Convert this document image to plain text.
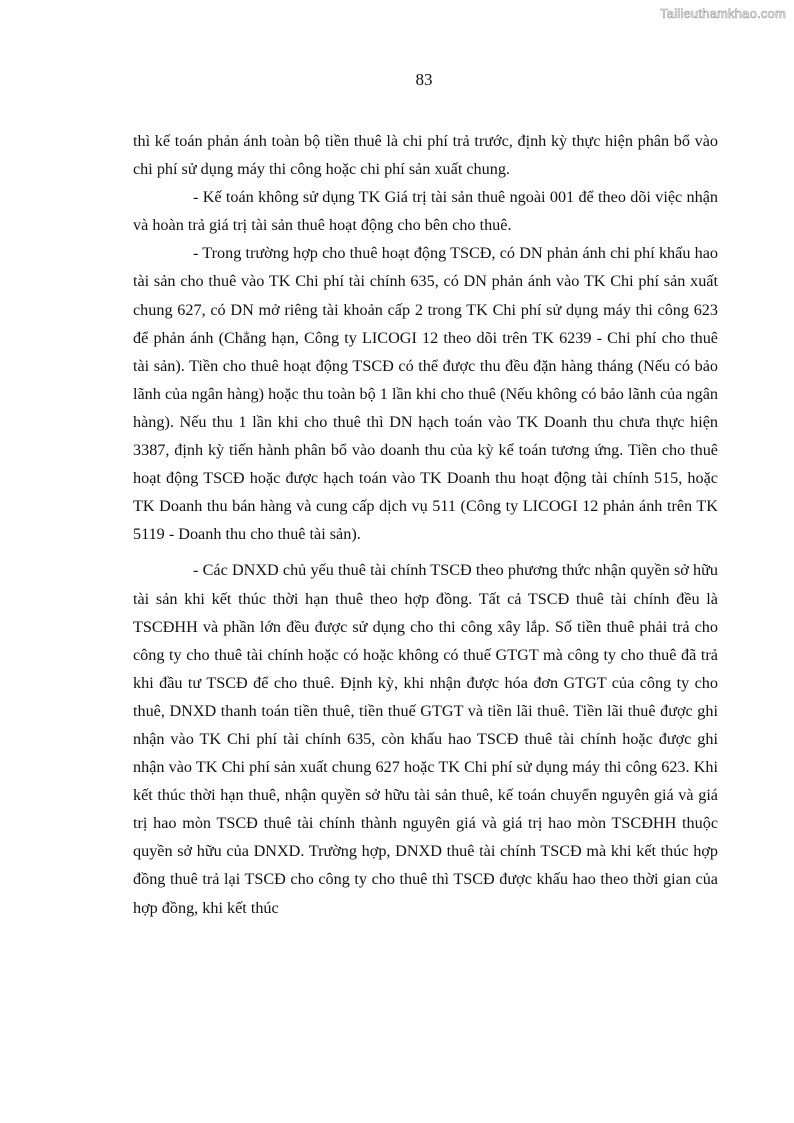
Tailieuthamkhao.com
83

thì kế toán phản ánh toàn bộ tiền thuê là chi phí trả trước, định kỳ thực hiện phân bổ vào chi phí sử dụng máy thi công hoặc chi phí sản xuất chung.

- Kế toán không sử dụng TK Giá trị tài sản thuê ngoài 001 để theo dõi việc nhận và hoàn trả giá trị tài sản thuê hoạt động cho bên cho thuê.

- Trong trường hợp cho thuê hoạt động TSCĐ, có DN phản ánh chi phí khấu hao tài sản cho thuê vào TK Chi phí tài chính 635, có DN phản ánh vào TK Chi phí sản xuất chung 627, có DN mở riêng tài khoản cấp 2 trong TK Chi phí sử dụng máy thi công 623 để phản ánh (Chẳng hạn, Công ty LICOGI 12 theo dõi trên TK 6239 - Chi phí cho thuê tài sản). Tiền cho thuê hoạt động TSCĐ có thể được thu đều đặn hàng tháng (Nếu có bảo lãnh của ngân hàng) hoặc thu toàn bộ 1 lần khi cho thuê (Nếu không có bảo lãnh của ngân hàng). Nếu thu 1 lần khi cho thuê thì DN hạch toán vào TK Doanh thu chưa thực hiện 3387, định kỳ tiến hành phân bổ vào doanh thu của kỳ kế toán tương ứng. Tiền cho thuê hoạt động TSCĐ hoặc được hạch toán vào TK Doanh thu hoạt động tài chính 515, hoặc TK Doanh thu bán hàng và cung cấp dịch vụ 511 (Công ty LICOGI 12 phản ánh trên TK 5119 - Doanh thu cho thuê tài sản).

- Các DNXD chủ yếu thuê tài chính TSCĐ theo phương thức nhận quyền sở hữu tài sản khi kết thúc thời hạn thuê theo hợp đồng. Tất cả TSCĐ thuê tài chính đều là TSCĐHH và phần lớn đều được sử dụng cho thi công xây lắp. Số tiền thuê phải trả cho công ty cho thuê tài chính hoặc có hoặc không có thuế GTGT mà công ty cho thuê đã trả khi đầu tư TSCĐ để cho thuê. Định kỳ, khi nhận được hóa đơn GTGT của công ty cho thuê, DNXD thanh toán tiền thuê, tiền thuế GTGT và tiền lãi thuê. Tiền lãi thuê được ghi nhận vào TK Chi phí tài chính 635, còn khấu hao TSCĐ thuê tài chính hoặc được ghi nhận vào TK Chi phí sản xuất chung 627 hoặc TK Chi phí sử dụng máy thi công 623. Khi kết thúc thời hạn thuê, nhận quyền sở hữu tài sản thuê, kế toán chuyển nguyên giá và giá trị hao mòn TSCĐ thuê tài chính thành nguyên giá và giá trị hao mòn TSCĐHH thuộc quyền sở hữu của DNXD. Trường hợp, DNXD thuê tài chính TSCĐ mà khi kết thúc hợp đồng thuê trả lại TSCĐ cho công ty cho thuê thì TSCĐ được khấu hao theo thời gian của hợp đồng, khi kết thúc
